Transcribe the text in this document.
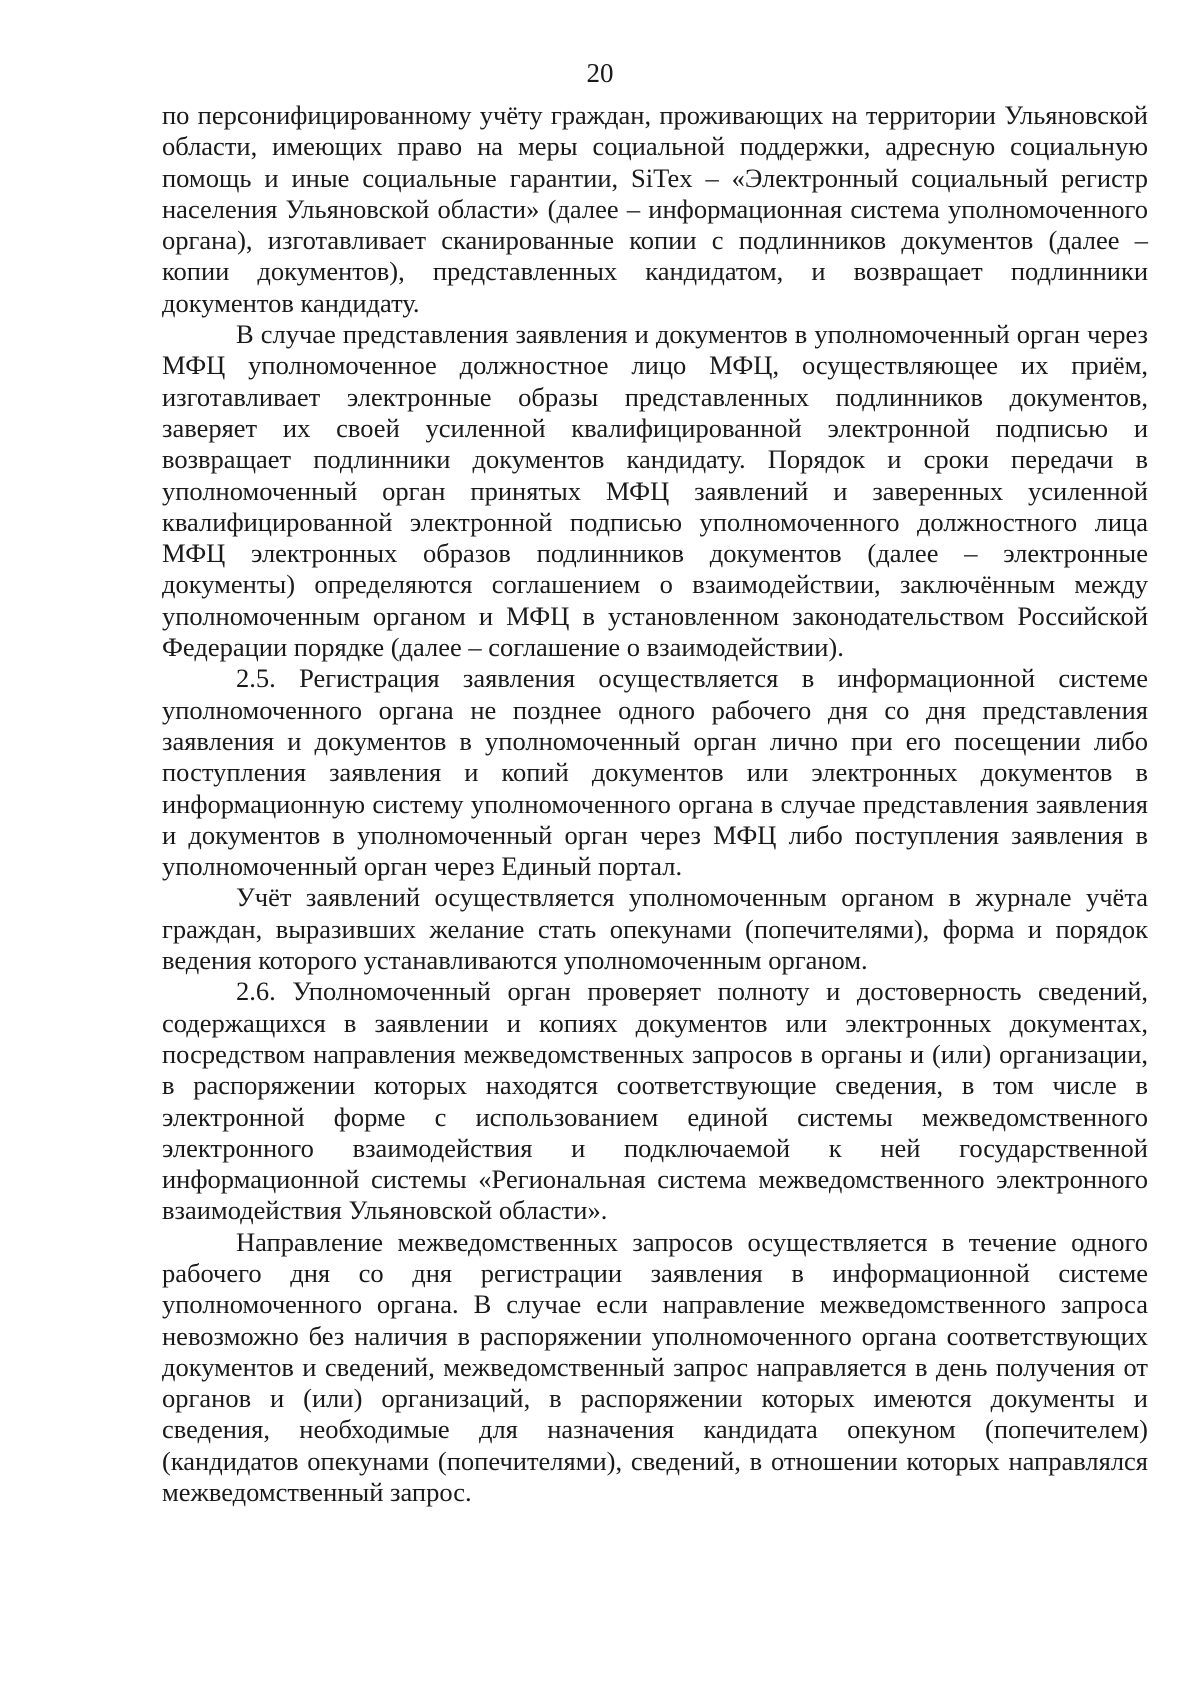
20

по персонифицированному учёту граждан, проживающих на территории Ульяновской области, имеющих право на меры социальной поддержки, адресную социальную помощь и иные социальные гарантии, SiTex – «Электронный социальный регистр населения Ульяновской области» (далее – информационная система уполномоченного органа), изготавливает сканированные копии с подлинников документов (далее – копии документов), представленных кандидатом, и возвращает подлинники документов кандидату.

В случае представления заявления и документов в уполномоченный орган через МФЦ уполномоченное должностное лицо МФЦ, осуществляющее их приём, изготавливает электронные образы представленных подлинников документов, заверяет их своей усиленной квалифицированной электронной подписью и возвращает подлинники документов кандидату. Порядок и сроки передачи в уполномоченный орган принятых МФЦ заявлений и заверенных усиленной квалифицированной электронной подписью уполномоченного должностного лица МФЦ электронных образов подлинников документов (далее – электронные документы) определяются соглашением о взаимодействии, заключённым между уполномоченным органом и МФЦ в установленном законодательством Российской Федерации порядке (далее – соглашение о взаимодействии).

2.5. Регистрация заявления осуществляется в информационной системе уполномоченного органа не позднее одного рабочего дня со дня представления заявления и документов в уполномоченный орган лично при его посещении либо поступления заявления и копий документов или электронных документов в информационную систему уполномоченного органа в случае представления заявления и документов в уполномоченный орган через МФЦ либо поступления заявления в уполномоченный орган через Единый портал.

Учёт заявлений осуществляется уполномоченным органом в журнале учёта граждан, выразивших желание стать опекунами (попечителями), форма и порядок ведения которого устанавливаются уполномоченным органом.

2.6. Уполномоченный орган проверяет полноту и достоверность сведений, содержащихся в заявлении и копиях документов или электронных документах, посредством направления межведомственных запросов в органы и (или) организации, в распоряжении которых находятся соответствующие сведения, в том числе в электронной форме с использованием единой системы межведомственного электронного взаимодействия и подключаемой к ней государственной информационной системы «Региональная система межведомственного электронного взаимодействия Ульяновской области».

Направление межведомственных запросов осуществляется в течение одного рабочего дня со дня регистрации заявления в информационной системе уполномоченного органа. В случае если направление межведомственного запроса невозможно без наличия в распоряжении уполномоченного органа соответствующих документов и сведений, межведомственный запрос направляется в день получения от органов и (или) организаций, в распоряжении которых имеются документы и сведения, необходимые для назначения кандидата опекуном (попечителем) (кандидатов опекунами (попечителями), сведений, в отношении которых направлялся межведомственный запрос.
